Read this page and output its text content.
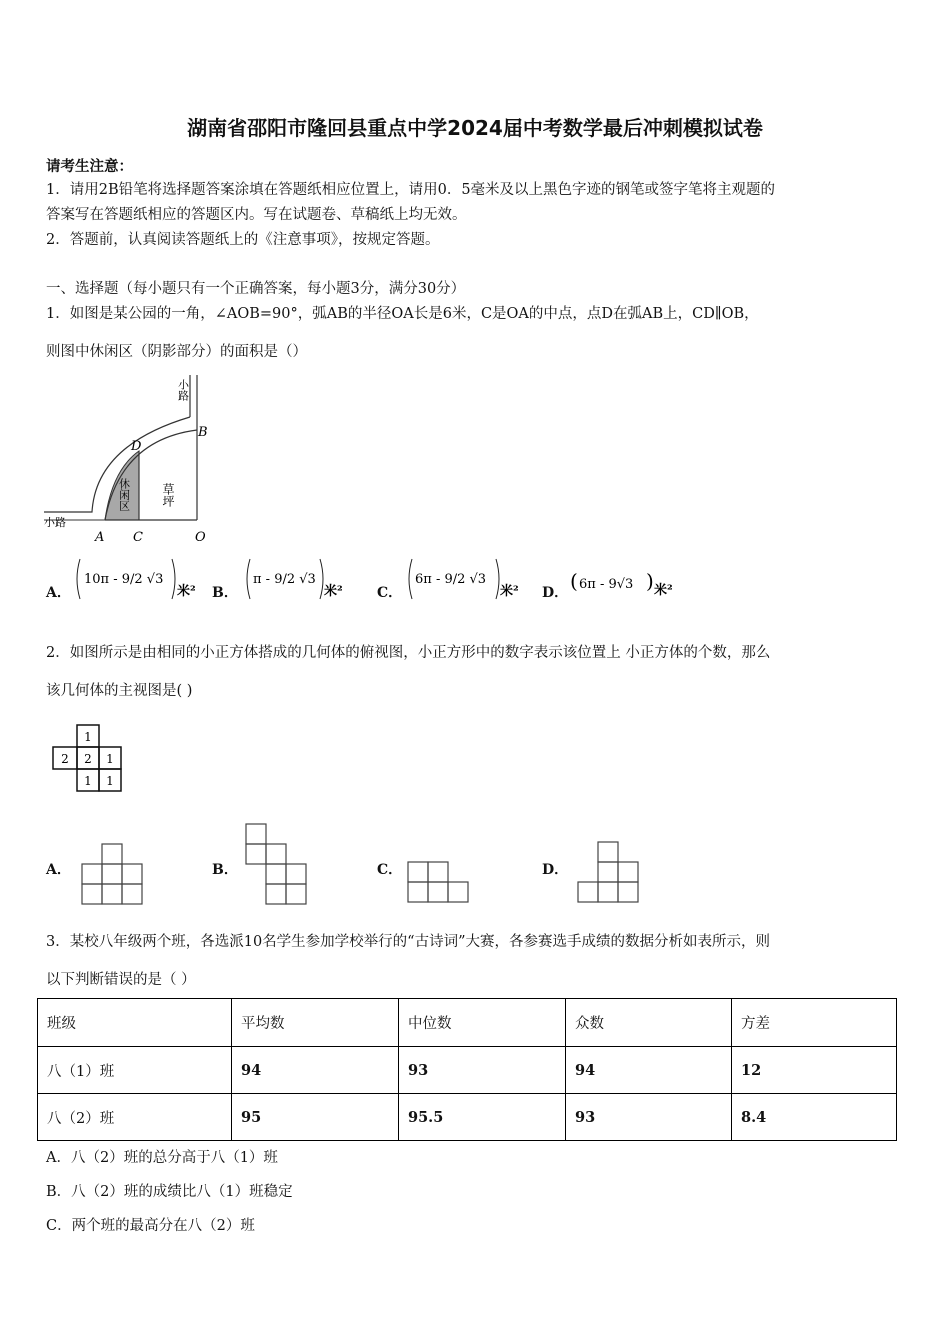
湖南省邵阳市隆回县重点中学2024届中考数学最后冲刺模拟试卷
请考生注意：
1．请用2B铅笔将选择题答案涂填在答题纸相应位置上，请用0．5毫米及以上黑色字迹的钢笔或签字笔将主观题的
答案写在答题纸相应的答题区内。写在试题卷、草稿纸上均无效。
2．答题前，认真阅读答题纸上的《注意事项》，按规定答题。
一、选择题（每小题只有一个正确答案，每小题3分，满分30分）
1．如图是某公园的一角，∠AOB=90°，弧AB的半径OA长是6米，C是OA的中点，点D在弧AB上，CD∥OB，
则图中休闲区（阴影部分）的面积是（）
小路
小路
A C	O
B
D
休闲区	草坪
A．
10π - 9/2 √3
米² B．
π - 9/2 √3
米² C．
6π - 9/2 √3
米² D． ( 6π - 9√3 ) 米²
2．如图所示是由相同的小正方体搭成的几何体的俯视图，小正方形中的数字表示该位置上 小正方体的个数，那么
该几何体的主视图是( )
1
2 2 1
1 1
A．	B．	C．	D．
3．某校八年级两个班，各选派10名学生参加学校举行的“古诗词”大赛，各参赛选手成绩的数据分析如表所示，则
以下判断错误的是（ ）
班级	平均数	中位数	众数	方差
八（1）班	94	93	94	12
八（2）班	95	95.5	93	8.4
A．八（2）班的总分高于八（1）班
B．八（2）班的成绩比八（1）班稳定
C．两个班的最高分在八（2）班
